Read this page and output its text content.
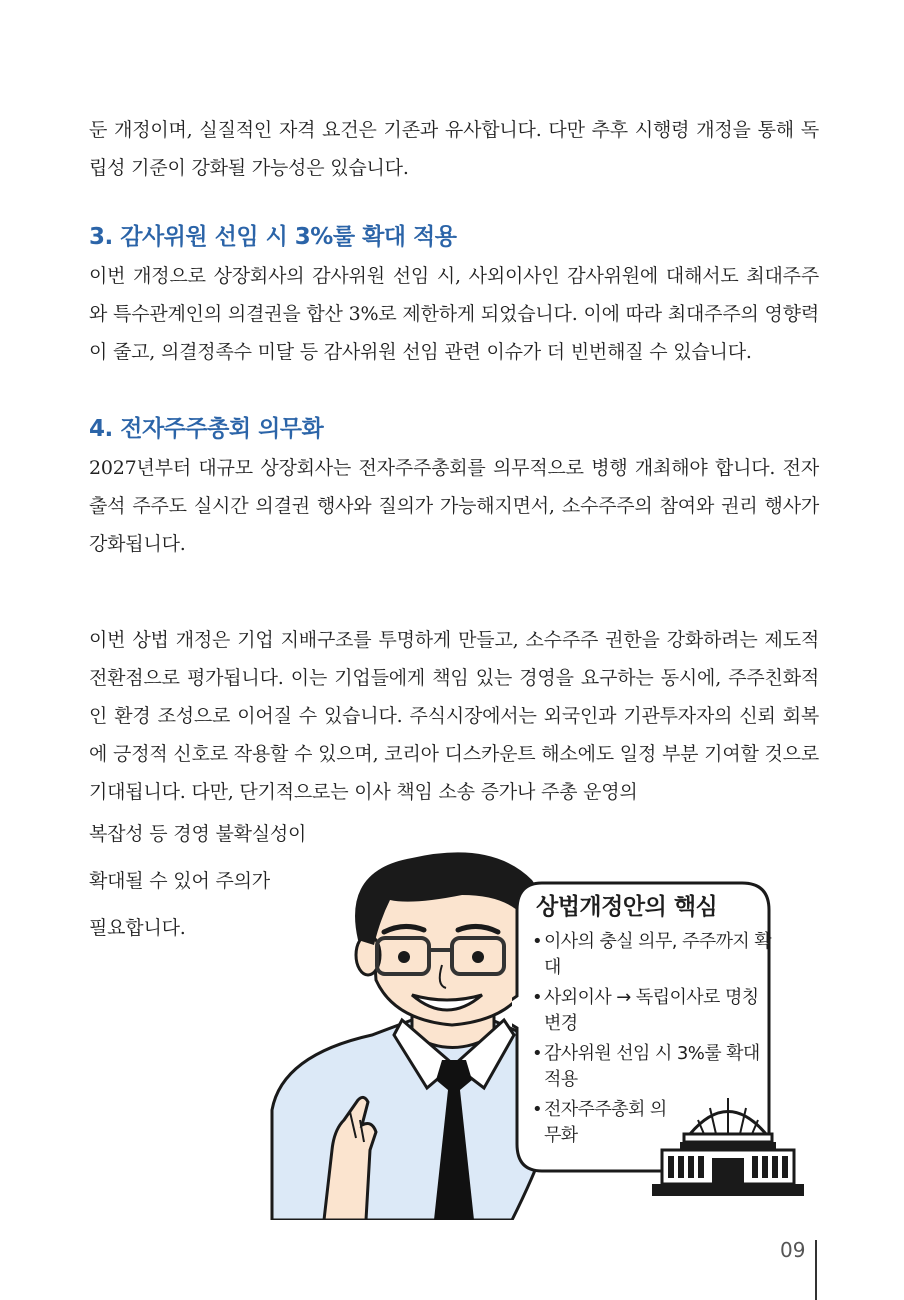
둔 개정이며, 실질적인 자격 요건은 기존과 유사합니다. 다만 추후 시행령 개정을 통해 독립성 기준이 강화될 가능성은 있습니다.

3. 감사위원 선임 시 3%룰 확대 적용

이번 개정으로 상장회사의 감사위원 선임 시, 사외이사인 감사위원에 대해서도 최대주주와 특수관계인의 의결권을 합산 3%로 제한하게 되었습니다. 이에 따라 최대주주의 영향력이 줄고, 의결정족수 미달 등 감사위원 선임 관련 이슈가 더 빈번해질 수 있습니다.

4. 전자주주총회 의무화

2027년부터 대규모 상장회사는 전자주주총회를 의무적으로 병행 개최해야 합니다. 전자출석 주주도 실시간 의결권 행사와 질의가 가능해지면서, 소수주주의 참여와 권리 행사가 강화됩니다.

이번 상법 개정은 기업 지배구조를 투명하게 만들고, 소수주주 권한을 강화하려는 제도적 전환점으로 평가됩니다. 이는 기업들에게 책임 있는 경영을 요구하는 동시에, 주주친화적인 환경 조성으로 이어질 수 있습니다. 주식시장에서는 외국인과 기관투자자의 신뢰 회복에 긍정적 신호로 작용할 수 있으며, 코리아 디스카운트 해소에도 일정 부분 기여할 것으로 기대됩니다. 다만, 단기적으로는 이사 책임 소송 증가나 주총 운영의

복잡성 등 경영 불확실성이
확대될 수 있어 주의가
필요합니다.
상법개정안의 핵심
• 이사의 충실 의무, 주주까지 확대
• 사외이사 → 독립이사로 명칭 변경
• 감사위원 선임 시 3%룰 확대 적용
• 전자주주총회 의무화
09
